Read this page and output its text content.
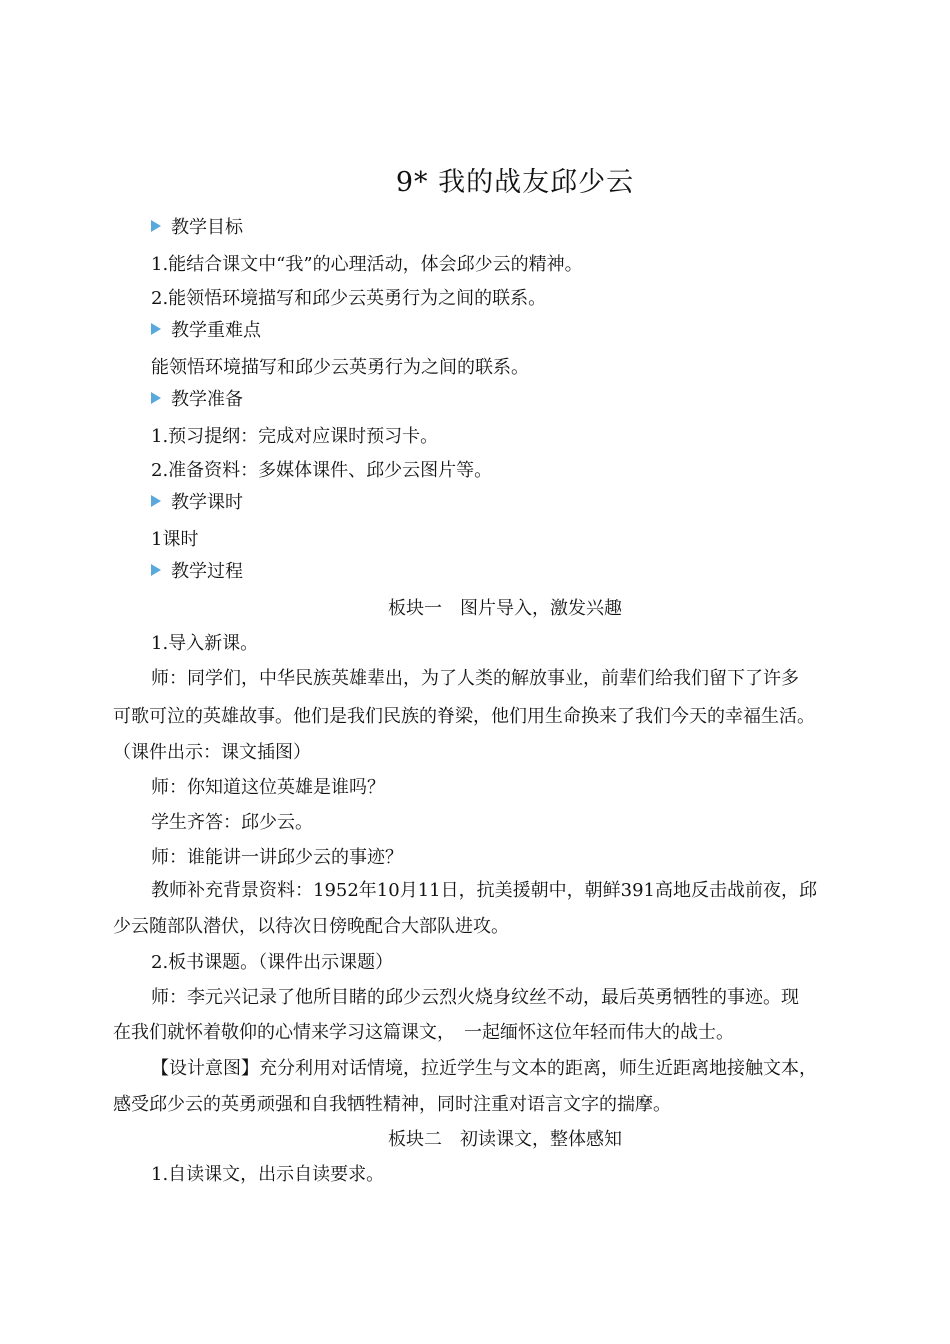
9* 我的战友邱少云
教学目标
1.能结合课文中“我”的心理活动，体会邱少云的精神。
2.能领悟环境描写和邱少云英勇行为之间的联系。
教学重难点
能领悟环境描写和邱少云英勇行为之间的联系。
教学准备
1.预习提纲：完成对应课时预习卡。
2.准备资料：多媒体课件、邱少云图片等。
教学课时
1课时
教学过程
板块一　图片导入，激发兴趣
1.导入新课。
师：同学们，中华民族英雄辈出，为了人类的解放事业，前辈们给我们留下了许多
可歌可泣的英雄故事。他们是我们民族的脊梁，他们用生命换来了我们今天的幸福生活。
（课件出示：课文插图）
师：你知道这位英雄是谁吗？
学生齐答：邱少云。
师：谁能讲一讲邱少云的事迹？
教师补充背景资料：1952年10月11日，抗美援朝中，朝鲜391高地反击战前夜，邱
少云随部队潜伏，以待次日傍晚配合大部队进攻。
2.板书课题。（课件出示课题）
师：李元兴记录了他所目睹的邱少云烈火烧身纹丝不动，最后英勇牺牲的事迹。现
在我们就怀着敬仰的心情来学习这篇课文，　一起缅怀这位年轻而伟大的战士。
【设计意图】充分利用对话情境，拉近学生与文本的距离，师生近距离地接触文本，
感受邱少云的英勇顽强和自我牺牲精神，同时注重对语言文字的揣摩。
板块二　初读课文，整体感知
1.自读课文，出示自读要求。
